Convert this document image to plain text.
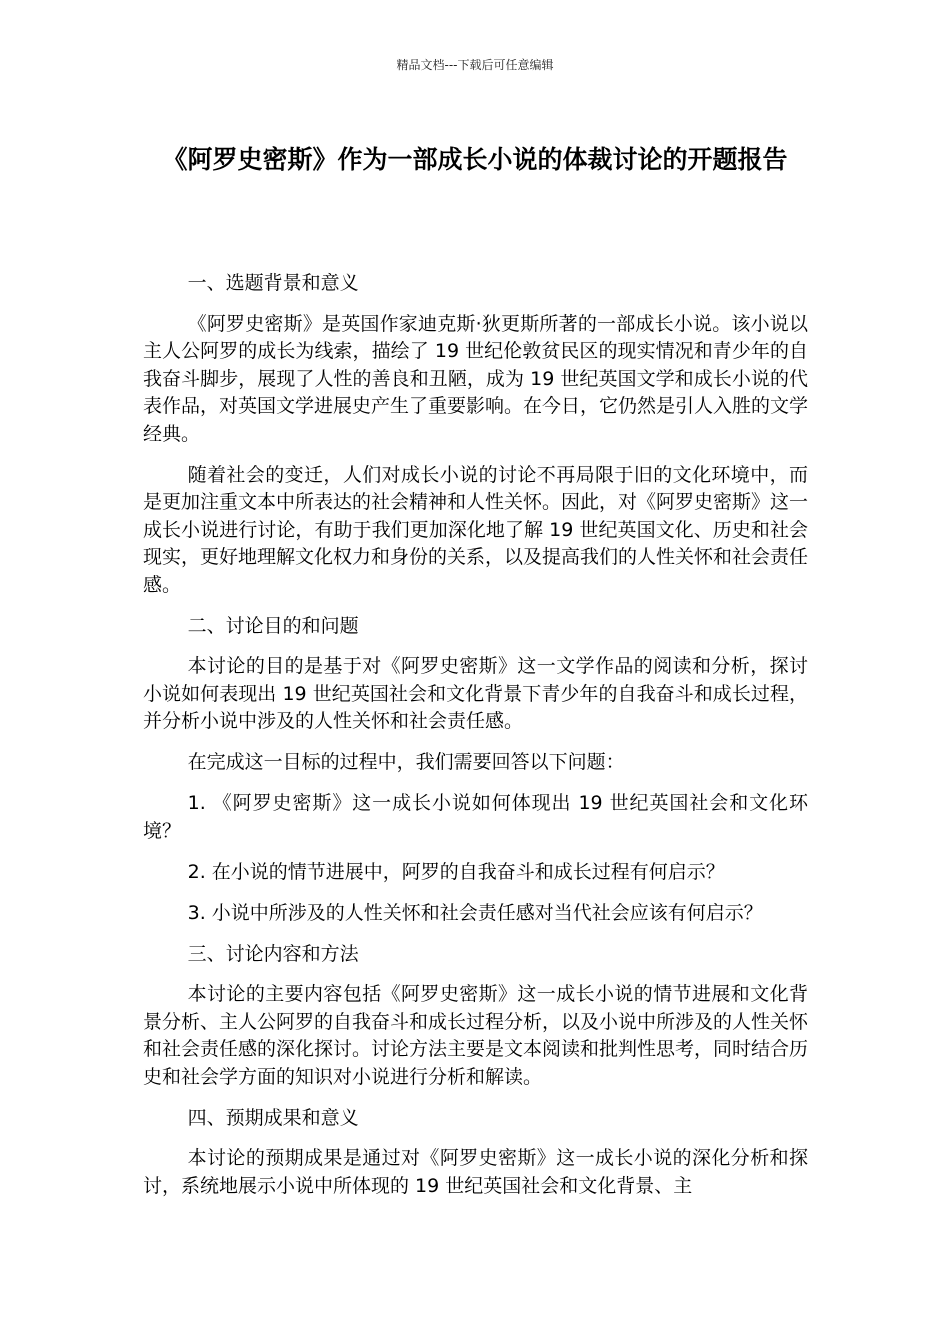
精品文档---下载后可任意编辑
《阿罗史密斯》作为一部成长小说的体裁讨论的开题报告

一、选题背景和意义

《阿罗史密斯》是英国作家迪克斯·狄更斯所著的一部成长小说。该小说以主人公阿罗的成长为线索，描绘了 19 世纪伦敦贫民区的现实情况和青少年的自我奋斗脚步，展现了人性的善良和丑陋，成为 19 世纪英国文学和成长小说的代表作品，对英国文学进展史产生了重要影响。在今日，它仍然是引人入胜的文学经典。

随着社会的变迁，人们对成长小说的讨论不再局限于旧的文化环境中，而是更加注重文本中所表达的社会精神和人性关怀。因此，对《阿罗史密斯》这一成长小说进行讨论，有助于我们更加深化地了解 19 世纪英国文化、历史和社会现实，更好地理解文化权力和身份的关系，以及提高我们的人性关怀和社会责任感。

二、讨论目的和问题

本讨论的目的是基于对《阿罗史密斯》这一文学作品的阅读和分析，探讨小说如何表现出 19 世纪英国社会和文化背景下青少年的自我奋斗和成长过程，并分析小说中涉及的人性关怀和社会责任感。

在完成这一目标的过程中，我们需要回答以下问题：

1. 《阿罗史密斯》这一成长小说如何体现出 19 世纪英国社会和文化环境？

2. 在小说的情节进展中，阿罗的自我奋斗和成长过程有何启示？

3. 小说中所涉及的人性关怀和社会责任感对当代社会应该有何启示？

三、讨论内容和方法

本讨论的主要内容包括《阿罗史密斯》这一成长小说的情节进展和文化背景分析、主人公阿罗的自我奋斗和成长过程分析，以及小说中所涉及的人性关怀和社会责任感的深化探讨。讨论方法主要是文本阅读和批判性思考，同时结合历史和社会学方面的知识对小说进行分析和解读。

四、预期成果和意义

本讨论的预期成果是通过对《阿罗史密斯》这一成长小说的深化分析和探讨，系统地展示小说中所体现的 19 世纪英国社会和文化背景、主
